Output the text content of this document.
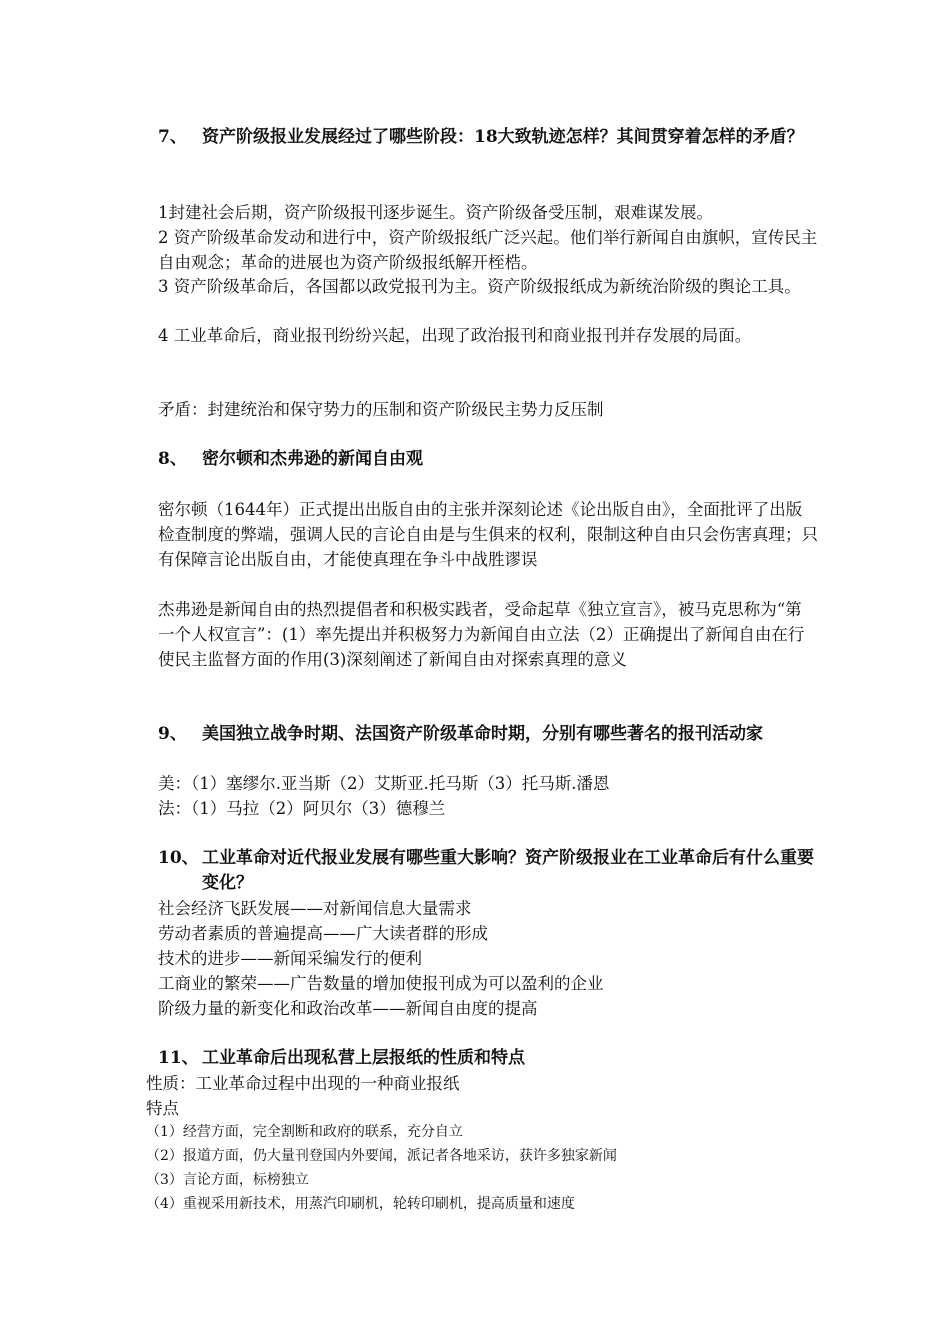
7、 资产阶级报业发展经过了哪些阶段：18大致轨迹怎样？其间贯穿着怎样的矛盾？
1封建社会后期，资产阶级报刊逐步诞生。资产阶级备受压制，艰难谋发展。
2 资产阶级革命发动和进行中，资产阶级报纸广泛兴起。他们举行新闻自由旗帜，宣传民主自由观念；革命的进展也为资产阶级报纸解开桎梏。
3 资产阶级革命后，各国都以政党报刊为主。资产阶级报纸成为新统治阶级的舆论工具。
4 工业革命后，商业报刊纷纷兴起，出现了政治报刊和商业报刊并存发展的局面。
矛盾：封建统治和保守势力的压制和资产阶级民主势力反压制
8、 密尔顿和杰弗逊的新闻自由观
密尔顿（1644年）正式提出出版自由的主张并深刻论述《论出版自由》，全面批评了出版检查制度的弊端，强调人民的言论自由是与生俱来的权利，限制这种自由只会伤害真理；只有保障言论出版自由，才能使真理在争斗中战胜谬误
杰弗逊是新闻自由的热烈提倡者和积极实践者，受命起草《独立宣言》，被马克思称为“第一个人权宣言”：(1）率先提出并积极努力为新闻自由立法（2）正确提出了新闻自由在行使民主监督方面的作用(3)深刻阐述了新闻自由对探索真理的意义
9、 美国独立战争时期、法国资产阶级革命时期，分别有哪些著名的报刊活动家
美：（1）塞缪尔.亚当斯（2）艾斯亚.托马斯（3）托马斯.潘恩
法：（1）马拉（2）阿贝尔（3）德穆兰
10、 工业革命对近代报业发展有哪些重大影响？资产阶级报业在工业革命后有什么重要变化？
社会经济飞跃发展——对新闻信息大量需求
劳动者素质的普遍提高——广大读者群的形成
技术的进步——新闻采编发行的便利
工商业的繁荣——广告数量的增加使报刊成为可以盈利的企业
阶级力量的新变化和政治改革——新闻自由度的提高
11、 工业革命后出现私营上层报纸的性质和特点
性质：工业革命过程中出现的一种商业报纸
特点
（1）经营方面，完全割断和政府的联系，充分自立
（2）报道方面，仍大量刊登国内外要闻，派记者各地采访，获许多独家新闻
（3）言论方面，标榜独立
（4）重视采用新技术，用蒸汽印刷机，轮转印刷机，提高质量和速度
